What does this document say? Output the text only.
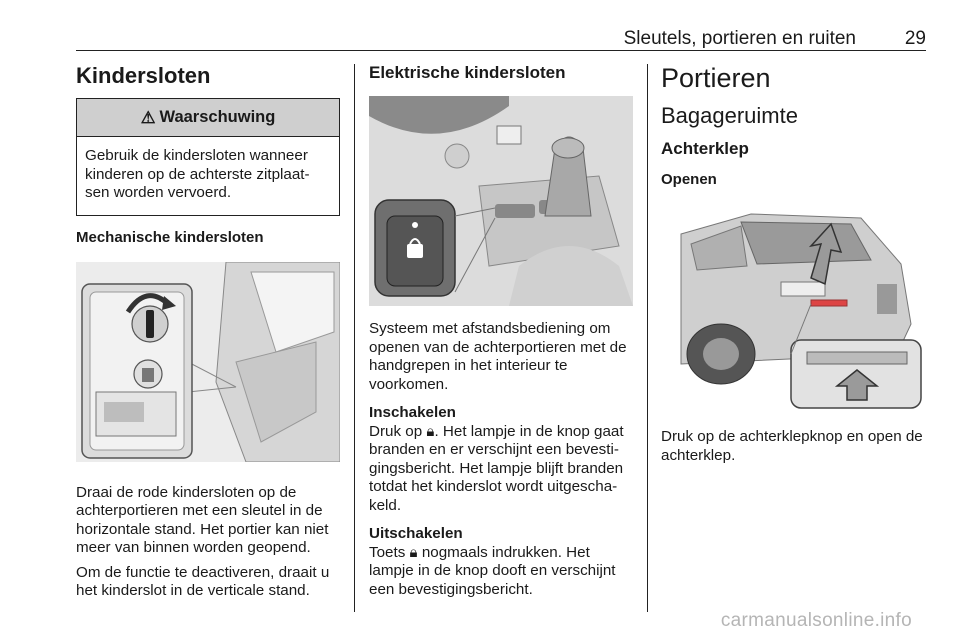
Sleutels, portieren en ruiten	29
Kindersloten
⚠ Waarschuwing
Gebruik de kindersloten wanneer kinderen op de achterste zitplaat-sen worden vervoerd.
Mechanische kindersloten
Draai de rode kindersloten op de achterportieren met een sleutel in de horizontale stand. Het portier kan niet meer van binnen worden geopend.
Om de functie te deactiveren, draait u het kinderslot in de verticale stand.
Elektrische kindersloten
Systeem met afstandsbediening om openen van de achterportieren met de handgrepen in het interieur te voorkomen.
Inschakelen
Druk op 🔒︎. Het lampje in de knop gaat branden en er verschijnt een bevesti-gingsbericht. Het lampje blijft branden totdat het kinderslot wordt uitgescha-keld.
Uitschakelen
Toets 🔒︎ nogmaals indrukken. Het lampje in de knop dooft en verschijnt een bevestigingsbericht.
Portieren
Bagageruimte
Achterklep
Openen
Druk op de achterklepknop en open de achterklep.
carmanualsonline.info
